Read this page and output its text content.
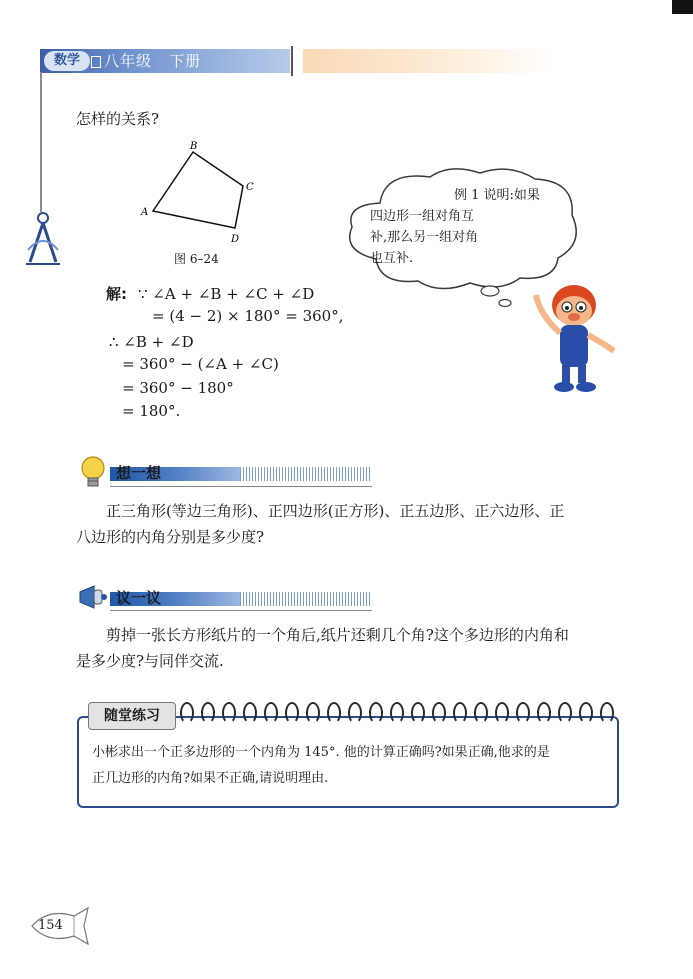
数学	八年级   下册
怎样的关系?
B
C
A
D
图 6–24
例 1 说明:如果
四边形一组对角互
补,那么另一组对角
也互补.
解: ∵ ∠A + ∠B + ∠C + ∠D
= (4 − 2) × 180° = 360°,
∴ ∠B + ∠D
= 360° − (∠A + ∠C)
= 360° − 180°
= 180°.
想一想
正三角形(等边三角形)、正四边形(正方形)、正五边形、正六边形、正
八边形的内角分别是多少度?
议一议
剪掉一张长方形纸片的一个角后,纸片还剩几个角?这个多边形的内角和
是多少度?与同伴交流.
随堂练习
小彬求出一个正多边形的一个内角为 145°. 他的计算正确吗?如果正确,他求的是
正几边形的内角?如果不正确,请说明理由.
154
